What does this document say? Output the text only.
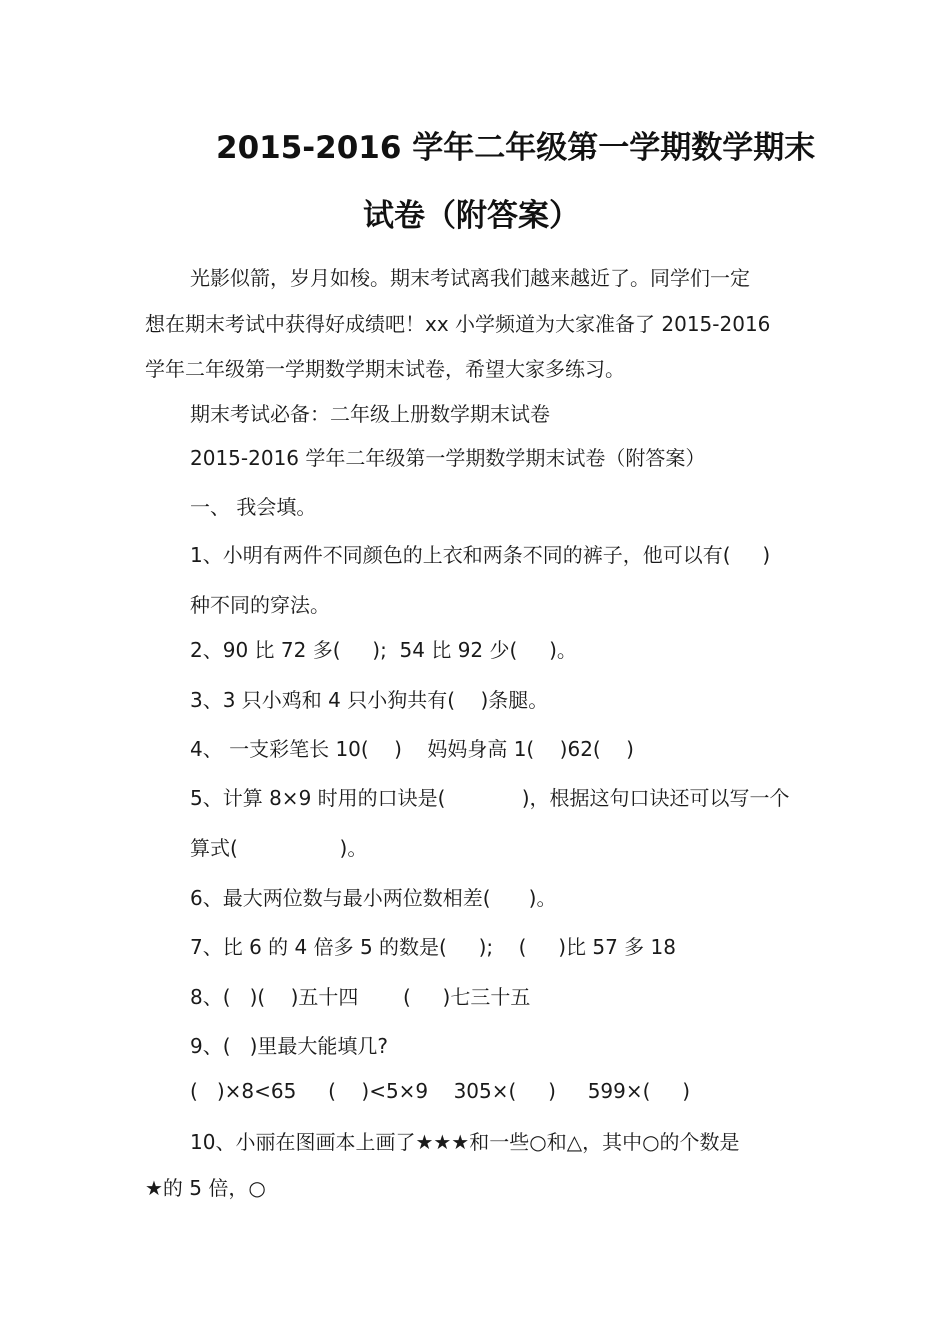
2015-2016 学年二年级第一学期数学期末
试卷（附答案）
光影似箭，岁月如梭。期末考试离我们越来越近了。同学们一定
想在期末考试中获得好成绩吧！xx 小学频道为大家准备了 2015-2016
学年二年级第一学期数学期末试卷，希望大家多练习。
期末考试必备：二年级上册数学期末试卷
2015-2016 学年二年级第一学期数学期末试卷（附答案）
一、 我会填。
1、小明有两件不同颜色的上衣和两条不同的裤子，他可以有(     )
种不同的穿法。
2、90 比 72 多(     );  54 比 92 少(     )。
3、3 只小鸡和 4 只小狗共有(    )条腿。
4、 一支彩笔长 10(    )    妈妈身高 1(    )62(    )
5、计算 8×9 时用的口诀是(            )，根据这句口诀还可以写一个
算式(                )。
6、最大两位数与最小两位数相差(      )。
7、比 6 的 4 倍多 5 的数是(     );    (     )比 57 多 18
8、(   )(    )五十四       (     )七三十五
9、(   )里最大能填几?
(   )×8<65     (    )<5×9    305×(     )     599×(     )
10、小丽在图画本上画了★★★和一些○和△，其中○的个数是
★的 5 倍，○
